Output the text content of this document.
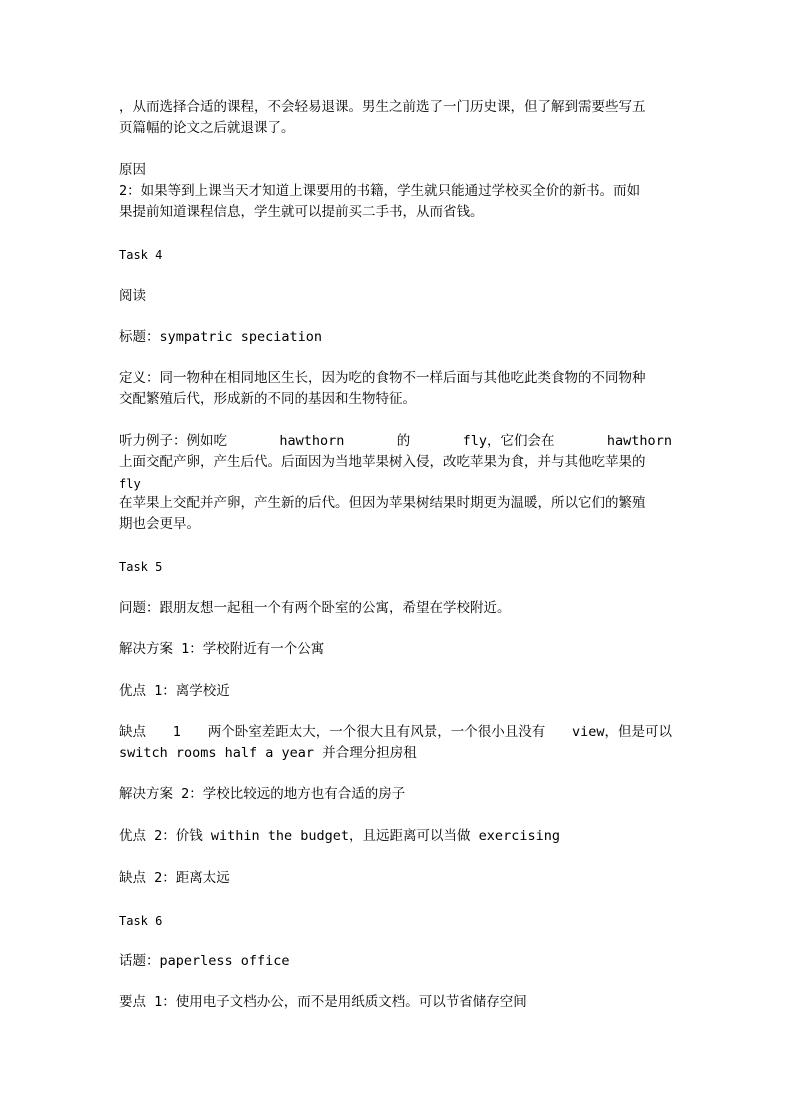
，从而选择合适的课程，不会轻易退课。男生之前选了一门历史课，但了解到需要些写五
页篇幅的论文之后就退课了。
原因
2：如果等到上课当天才知道上课要用的书籍，学生就只能通过学校买全价的新书。而如
果提前知道课程信息，学生就可以提前买二手书，从而省钱。
Task 4
阅读
标题：sympatric speciation
定义：同一物种在相同地区生长，因为吃的食物不一样后面与其他吃此类食物的不同物种
交配繁殖后代，形成新的不同的基因和生物特征。
听力例子：例如吃	hawthorn	的	fly，它们会在	hawthorn
上面交配产卵，产生后代。后面因为当地苹果树入侵，改吃苹果为食，并与其他吃苹果的
fly
在苹果上交配并产卵，产生新的后代。但因为苹果树结果时期更为温暖，所以它们的繁殖
期也会更早。
Task 5
问题：跟朋友想一起租一个有两个卧室的公寓，希望在学校附近。
解决方案 1：学校附近有一个公寓
优点 1：离学校近
缺点 1 两个卧室差距太大，一个很大且有风景，一个很小且没有 view，但是可以
switch rooms half a year 并合理分担房租
解决方案 2：学校比较远的地方也有合适的房子
优点 2：价钱 within the budget，且远距离可以当做 exercising
缺点 2：距离太远
Task 6
话题：paperless office
要点 1：使用电子文档办公，而不是用纸质文档。可以节省储存空间
